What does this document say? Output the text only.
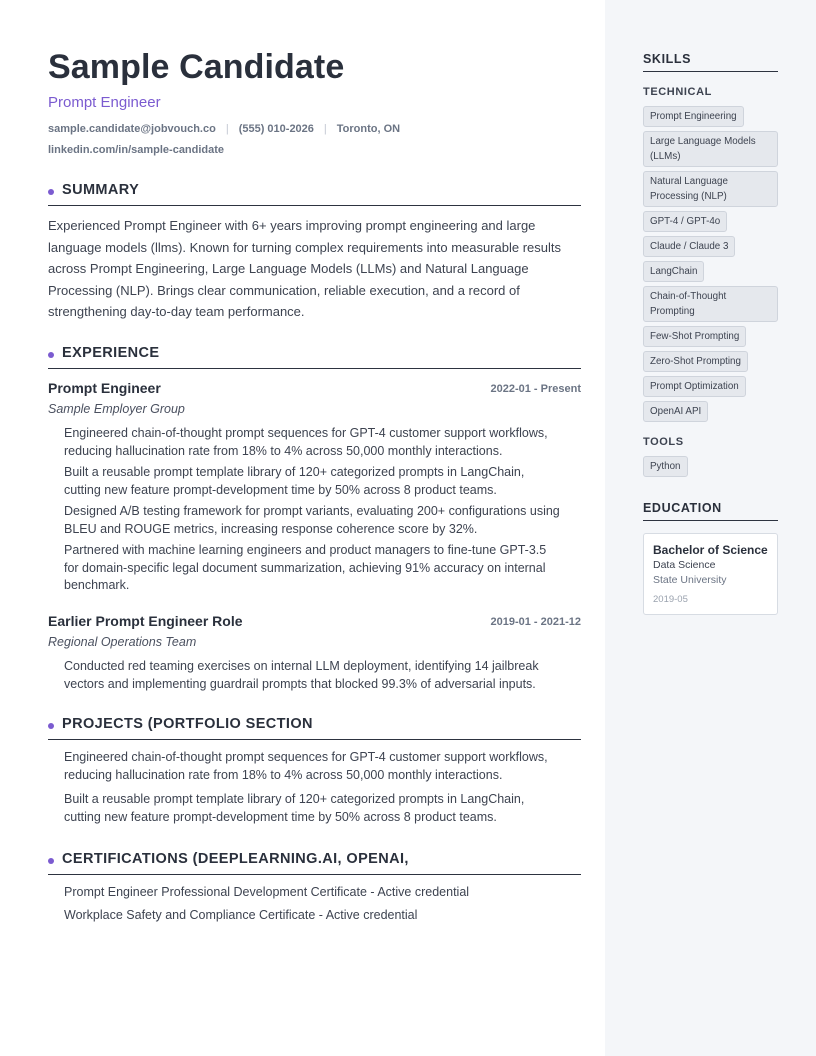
Sample Candidate
Prompt Engineer
sample.candidate@jobvouch.co | (555) 010-2026 | Toronto, ON
linkedin.com/in/sample-candidate
SUMMARY
Experienced Prompt Engineer with 6+ years improving prompt engineering and large language models (llms). Known for turning complex requirements into measurable results across Prompt Engineering, Large Language Models (LLMs) and Natural Language Processing (NLP). Brings clear communication, reliable execution, and a record of strengthening day-to-day team performance.
EXPERIENCE
Prompt Engineer	2022-01 - Present
Sample Employer Group
Engineered chain-of-thought prompt sequences for GPT-4 customer support workflows, reducing hallucination rate from 18% to 4% across 50,000 monthly interactions.
Built a reusable prompt template library of 120+ categorized prompts in LangChain, cutting new feature prompt-development time by 50% across 8 product teams.
Designed A/B testing framework for prompt variants, evaluating 200+ configurations using BLEU and ROUGE metrics, increasing response coherence score by 32%.
Partnered with machine learning engineers and product managers to fine-tune GPT-3.5 for domain-specific legal document summarization, achieving 91% accuracy on internal benchmark.
Earlier Prompt Engineer Role	2019-01 - 2021-12
Regional Operations Team
Conducted red teaming exercises on internal LLM deployment, identifying 14 jailbreak vectors and implementing guardrail prompts that blocked 99.3% of adversarial inputs.
PROJECTS (PORTFOLIO SECTION
Engineered chain-of-thought prompt sequences for GPT-4 customer support workflows, reducing hallucination rate from 18% to 4% across 50,000 monthly interactions.
Built a reusable prompt template library of 120+ categorized prompts in LangChain, cutting new feature prompt-development time by 50% across 8 product teams.
CERTIFICATIONS (DEEPLEARNING.AI, OPENAI,
Prompt Engineer Professional Development Certificate - Active credential
Workplace Safety and Compliance Certificate - Active credential
SKILLS
TECHNICAL
Prompt Engineering
Large Language Models (LLMs)
Natural Language Processing (NLP)
GPT-4 / GPT-4o
Claude / Claude 3
LangChain
Chain-of-Thought Prompting
Few-Shot Prompting
Zero-Shot Prompting
Prompt Optimization
OpenAI API
TOOLS
Python
EDUCATION
Bachelor of Science
Data Science
State University
2019-05
